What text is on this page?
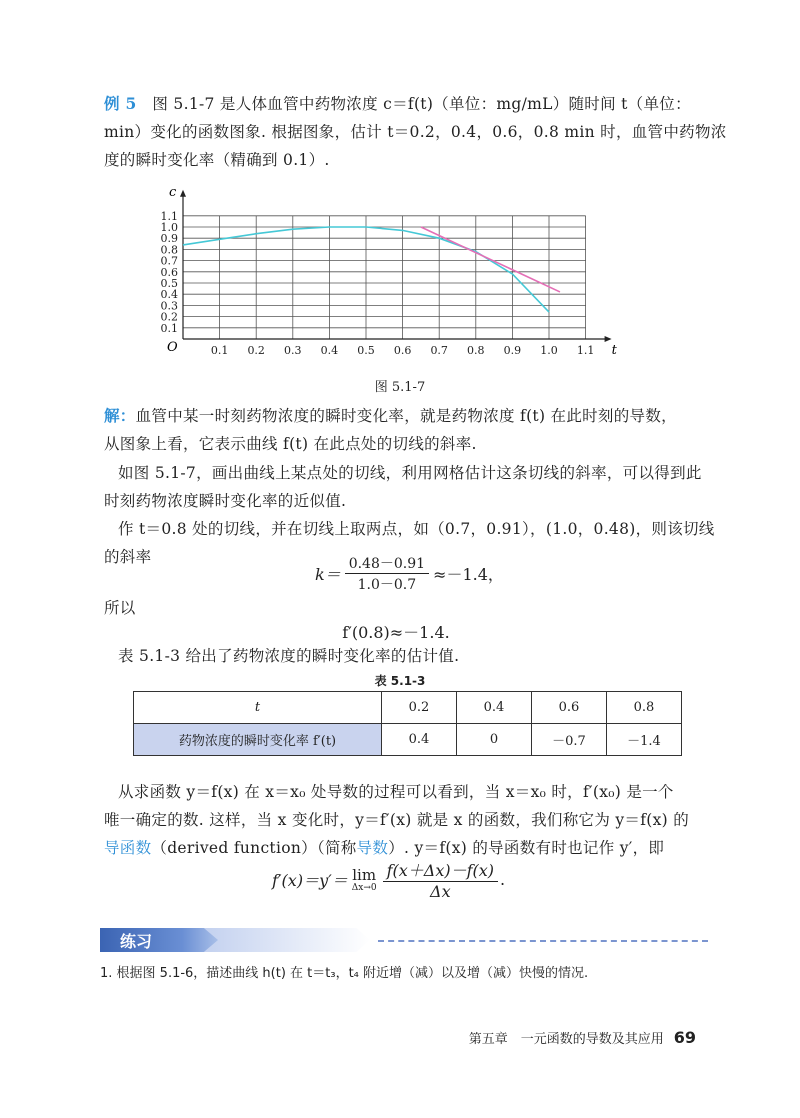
例 5　 图 5.1-7 是人体血管中药物浓度 c＝f(t)（单位：mg/mL）随时间 t（单位：
min）变化的函数图象. 根据图象，估计 t＝0.2，0.4，0.6，0.8 min 时，血管中药物浓
度的瞬时变化率（精确到 0.1）.
0.1 0.2 0.3 0.4 0.5 0.6 0.7 0.8 0.9 1.0 1.1
0.1
0.2
0.3
0.4
0.5
0.6
0.7
0.8
0.9
1.0
1.1
c
t
O
图 5.1-7
解：血管中某一时刻药物浓度的瞬时变化率，就是药物浓度 f(t) 在此时刻的导数，
从图象上看，它表示曲线 f(t) 在此点处的切线的斜率.
如图 5.1-7，画出曲线上某点处的切线，利用网格估计这条切线的斜率，可以得到此
时刻药物浓度瞬时变化率的近似值.
作 t＝0.8 处的切线，并在切线上取两点，如（0.7，0.91），(1.0，0.48)，则该切线
的斜率
$k= \frac{0.48-0.91}{1.0-0.7} \approx-1.4$，
所以
f′(0.8)≈－1.4.
表 5.1-3 给出了药物浓度的瞬时变化率的估计值.
表 5.1-3
t	0.2	0.4	0.6	0.8
药物浓度的瞬时变化率 f′(t)	0.4	0	－0.7	－1.4
从求函数 y＝f(x) 在 x＝x₀ 处导数的过程可以看到，当 x＝x₀ 时，f′(x₀) 是一个
唯一确定的数. 这样，当 x 变化时，y＝f′(x) 就是 x 的函数，我们称它为 y＝f(x) 的
导函数（derived function）（简称导数）. y＝f(x) 的导函数有时也记作 y′，即
f′(x)＝y′＝ lim
Δx→0
f(x＋Δx)－f(x)
Δx
.
练习
1. 根据图 5.1-6，描述曲线 h(t) 在 t＝t₃，t₄ 附近增（减）以及增（减）快慢的情况.
第五章　一元函数的导数及其应用 69
